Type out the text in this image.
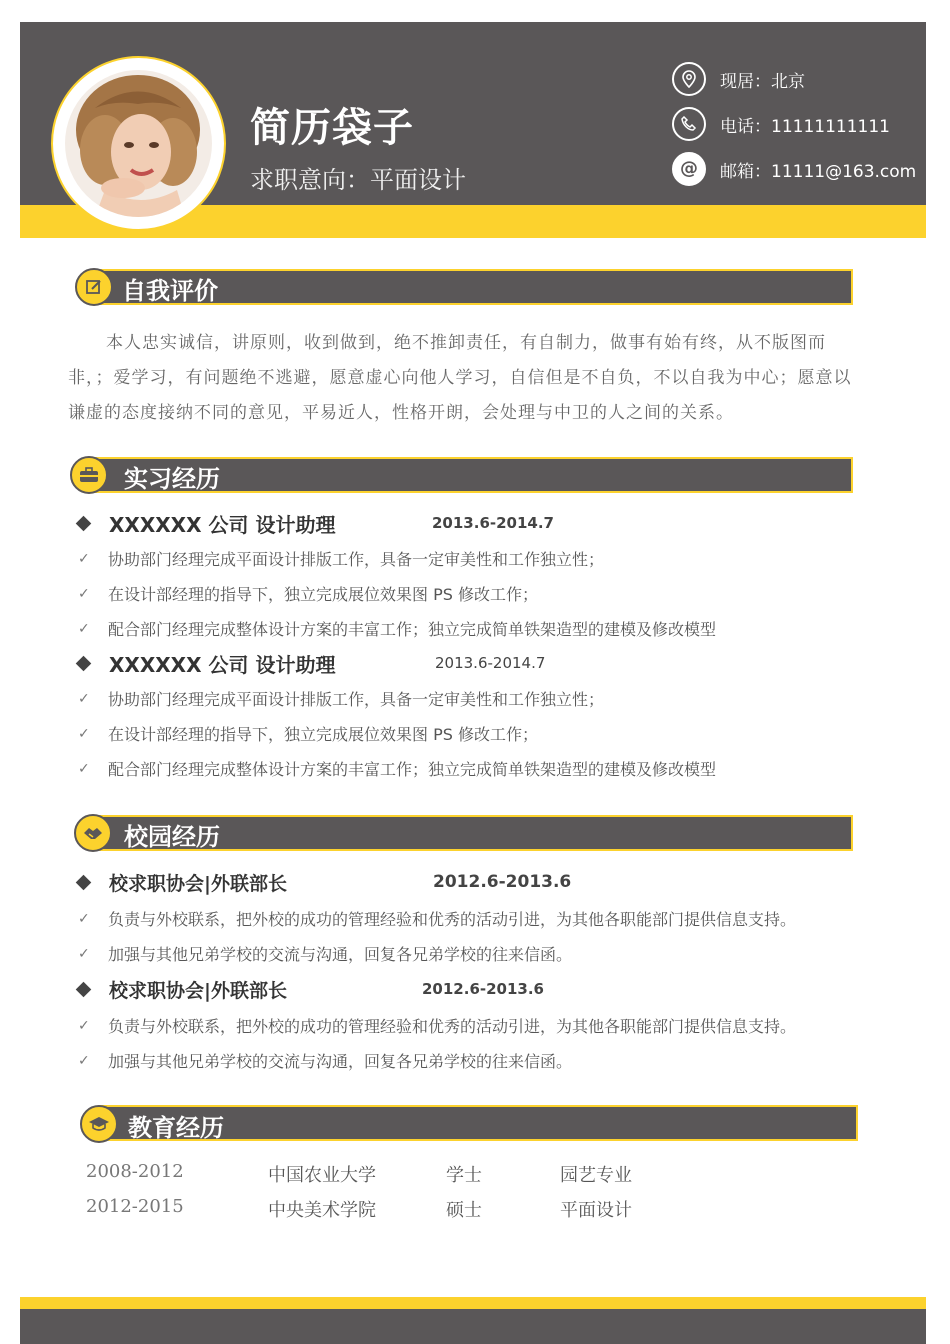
简历袋子
求职意向：平面设计
现居：北京
电话：11111111111
@ 邮箱：11111@163.com
自我评价
本人忠实诚信，讲原则，收到做到，绝不推卸责任，有自制力，做事有始有终，从不版图而非，；爱学习，有问题绝不逃避，愿意虚心向他人学习，自信但是不自负，不以自我为中心；愿意以谦虚的态度接纳不同的意见，平易近人，性格开朗，会处理与中卫的人之间的关系。
实习经历
XXXXXX 公司 设计助理	2013.6-2014.7
✓	协助部门经理完成平面设计排版工作，具备一定审美性和工作独立性；
✓	在设计部经理的指导下，独立完成展位效果图 PS 修改工作；
✓	配合部门经理完成整体设计方案的丰富工作；独立完成简单铁架造型的建模及修改模型
XXXXXX 公司 设计助理	2013.6-2014.7
✓	协助部门经理完成平面设计排版工作，具备一定审美性和工作独立性；
✓	在设计部经理的指导下，独立完成展位效果图 PS 修改工作；
✓	配合部门经理完成整体设计方案的丰富工作；独立完成简单铁架造型的建模及修改模型
校园经历
校求职协会|外联部长	2012.6-2013.6
✓	负责与外校联系，把外校的成功的管理经验和优秀的活动引进，为其他各职能部门提供信息支持。
✓	加强与其他兄弟学校的交流与沟通，回复各兄弟学校的往来信函。
校求职协会|外联部长	2012.6-2013.6
✓	负责与外校联系，把外校的成功的管理经验和优秀的活动引进，为其他各职能部门提供信息支持。
✓	加强与其他兄弟学校的交流与沟通，回复各兄弟学校的往来信函。
教育经历
2008-2012	中国农业大学	学士	园艺专业
2012-2015	中央美术学院	硕士	平面设计
